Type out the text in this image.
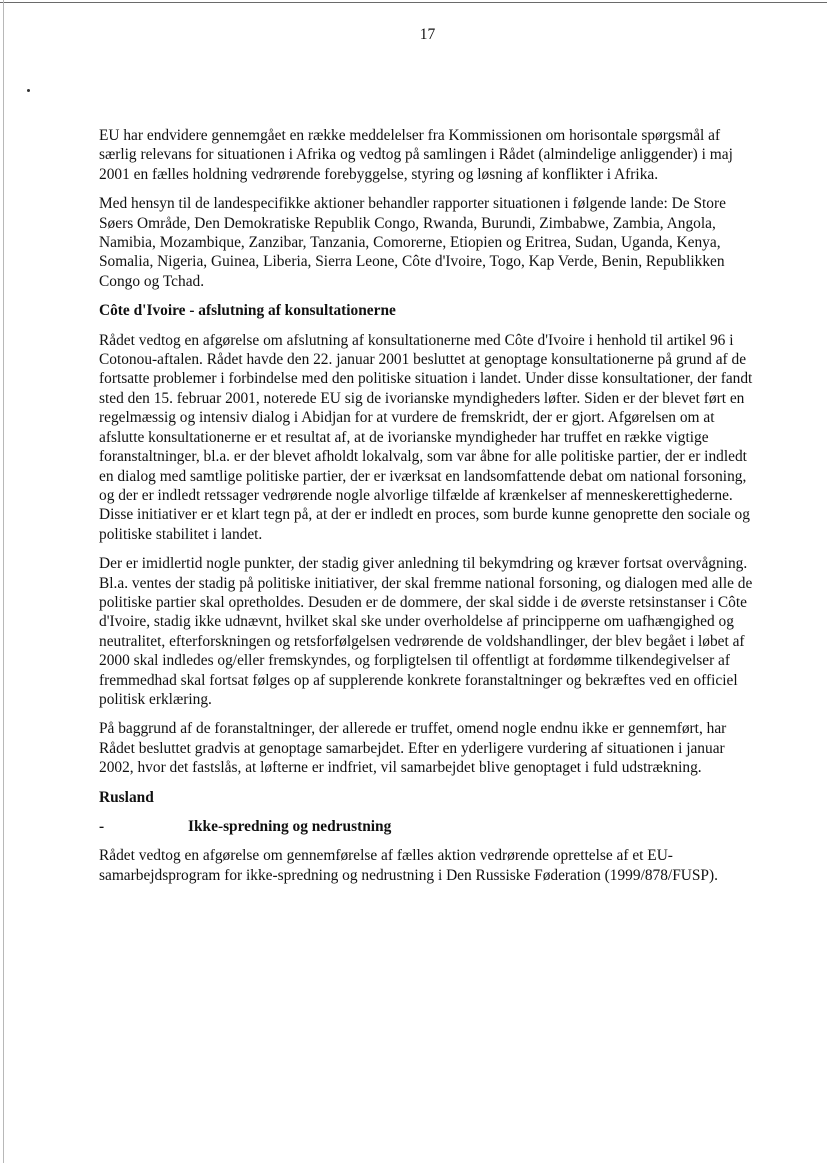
17

EU har endvidere gennemgået en række meddelelser fra Kommissionen om horisontale spørgsmål af særlig relevans for situationen i Afrika og vedtog på samlingen i Rådet (almindelige anliggender) i maj 2001 en fælles holdning vedrørende forebyggelse, styring og løsning af konflikter i Afrika.

Med hensyn til de landespecifikke aktioner behandler rapporter situationen i følgende lande: De Store Søers Område, Den Demokratiske Republik Congo, Rwanda, Burundi, Zimbabwe, Zambia, Angola, Namibia, Mozambique, Zanzibar, Tanzania, Comorerne, Etiopien og Eritrea, Sudan, Uganda, Kenya, Somalia, Nigeria, Guinea, Liberia, Sierra Leone, Côte d'Ivoire, Togo, Kap Verde, Benin, Republikken Congo og Tchad.

Côte d'Ivoire - afslutning af konsultationerne

Rådet vedtog en afgørelse om afslutning af konsultationerne med Côte d'Ivoire i henhold til artikel 96 i Cotonou-aftalen. Rådet havde den 22. januar 2001 besluttet at genoptage konsultationerne på grund af de fortsatte problemer i forbindelse med den politiske situation i landet. Under disse konsultationer, der fandt sted den 15. februar 2001, noterede EU sig de ivorianske myndigheders løfter. Siden er der blevet ført en regelmæssig og intensiv dialog i Abidjan for at vurdere de fremskridt, der er gjort. Afgørelsen om at afslutte konsultationerne er et resultat af, at de ivorianske myndigheder har truffet en række vigtige foranstaltninger, bl.a. er der blevet afholdt lokalvalg, som var åbne for alle politiske partier, der er indledt en dialog med samtlige politiske partier, der er iværksat en landsomfattende debat om national forsoning, og der er indledt retssager vedrørende nogle alvorlige tilfælde af krænkelser af menneskerettighederne. Disse initiativer er et klart tegn på, at der er indledt en proces, som burde kunne genoprette den sociale og politiske stabilitet i landet.

Der er imidlertid nogle punkter, der stadig giver anledning til bekymdring og kræver fortsat overvågning. Bl.a. ventes der stadig på politiske initiativer, der skal fremme national forsoning, og dialogen med alle de politiske partier skal opretholdes. Desuden er de dommere, der skal sidde i de øverste retsinstanser i Côte d'Ivoire, stadig ikke udnævnt, hvilket skal ske under overholdelse af principperne om uafhængighed og neutralitet, efterforskningen og retsforfølgelsen vedrørende de voldshandlinger, der blev begået i løbet af 2000 skal indledes og/eller fremskyndes, og forpligtelsen til offentligt at fordømme tilkendegivelser af fremmedhad skal fortsat følges op af supplerende konkrete foranstaltninger og bekræftes ved en officiel politisk erklæring.

På baggrund af de foranstaltninger, der allerede er truffet, omend nogle endnu ikke er gennemført, har Rådet besluttet gradvis at genoptage samarbejdet. Efter en yderligere vurdering af situationen i januar 2002, hvor det fastslås, at løfterne er indfriet, vil samarbejdet blive genoptaget i fuld udstrækning.

Rusland
-	Ikke-spredning og nedrustning

Rådet vedtog en afgørelse om gennemførelse af fælles aktion vedrørende oprettelse af et EU-samarbejdsprogram for ikke-spredning og nedrustning i Den Russiske Føderation (1999/878/FUSP).
